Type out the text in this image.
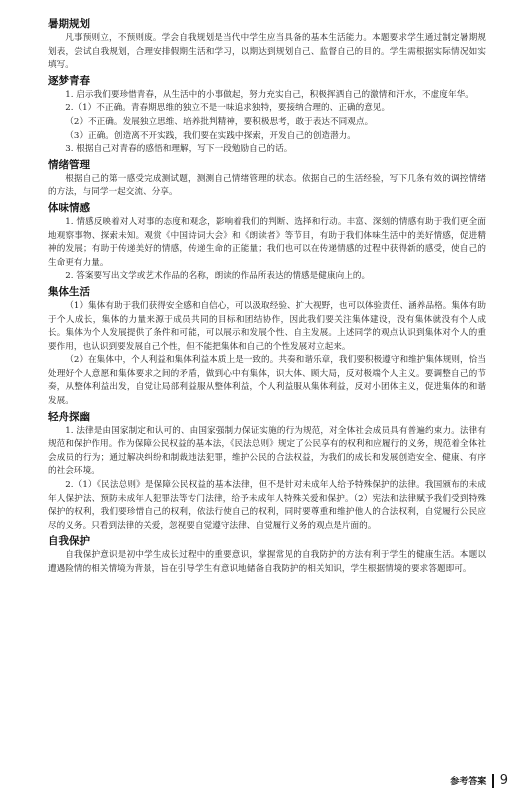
暑期规划

凡事预则立，不预则废。学会自我规划是当代中学生应当具备的基本生活能力。本题要求学生通过制定暑期规划表，尝试自我规划，合理安排假期生活和学习，以期达到规划自己、监督自己的目的。学生需根据实际情况如实填写。

逐梦青春

1. 启示我们要珍惜青春，从生活中的小事做起，努力充实自己，积极挥洒自己的激情和汗水，不虚度年华。

2.（1）不正确。青春期思维的独立不是一味追求独特，要接纳合理的、正确的意见。

（2）不正确。发展独立思维、培养批判精神，要积极思考，敢于表达不同观点。

（3）正确。创造离不开实践，我们要在实践中探索，开发自己的创造潜力。

3. 根据自己对青春的感悟和理解，写下一段勉励自己的话。

情绪管理

根据自己的第一感受完成测试题，测测自己情绪管理的状态。依据自己的生活经验，写下几条有效的调控情绪的方法，与同学一起交流、分享。

体味情感

1. 情感反映着对人对事的态度和观念，影响着我们的判断、选择和行动。丰富、深刻的情感有助于我们更全面地观察事物、探索未知。观赏《中国诗词大会》和《朗读者》等节目，有助于我们体味生活中的美好情感，促进精神的发展；有助于传递美好的情感，传递生命的正能量；我们也可以在传递情感的过程中获得新的感受，使自己的生命更有力量。

2. 答案要写出文学或艺术作品的名称，朗读的作品所表达的情感是健康向上的。

集体生活

（1）集体有助于我们获得安全感和自信心，可以汲取经验、扩大视野，也可以体验责任、涵养品格。集体有助于个人成长，集体的力量来源于成员共同的目标和团结协作，因此我们要关注集体建设，没有集体就没有个人成长。集体为个人发展提供了条件和可能，可以展示和发展个性、自主发展。上述同学的观点认识到集体对个人的重要作用，也认识到要发展自己个性，但不能把集体和自己的个性发展对立起来。

（2）在集体中，个人利益和集体利益本质上是一致的。共奏和谐乐章，我们要积极遵守和维护集体规则，恰当处理好个人意愿和集体要求之间的矛盾，做到心中有集体，识大体、顾大局，反对极端个人主义。要调整自己的节奏，从整体利益出发，自觉让局部利益服从整体利益，个人利益服从集体利益，反对小团体主义，促进集体的和谐发展。

轻舟探幽

1. 法律是由国家制定和认可的、由国家强制力保证实施的行为规范，对全体社会成员具有普遍约束力。法律有规范和保护作用。作为保障公民权益的基本法，《民法总则》规定了公民享有的权利和应履行的义务，规范着全体社会成员的行为；通过解决纠纷和制裁违法犯罪，维护公民的合法权益，为我们的成长和发展创造安全、健康、有序的社会环境。

2.（1）《民法总则》是保障公民权益的基本法律，但不是针对未成年人给予特殊保护的法律。我国颁布的未成年人保护法、预防未成年人犯罪法等专门法律，给予未成年人特殊关爱和保护。（2）宪法和法律赋予我们受到特殊保护的权利，我们要珍惜自己的权利，依法行使自己的权利，同时要尊重和维护他人的合法权利，自觉履行公民应尽的义务。只看到法律的关爱，忽视要自觉遵守法律、自觉履行义务的观点是片面的。

自我保护

自我保护意识是初中学生成长过程中的重要意识，掌握常见的自我防护的方法有利于学生的健康生活。本题以遭遇险情的相关情境为背景，旨在引导学生有意识地储备自我防护的相关知识，学生根据情境的要求答题即可。

参考答案	9
